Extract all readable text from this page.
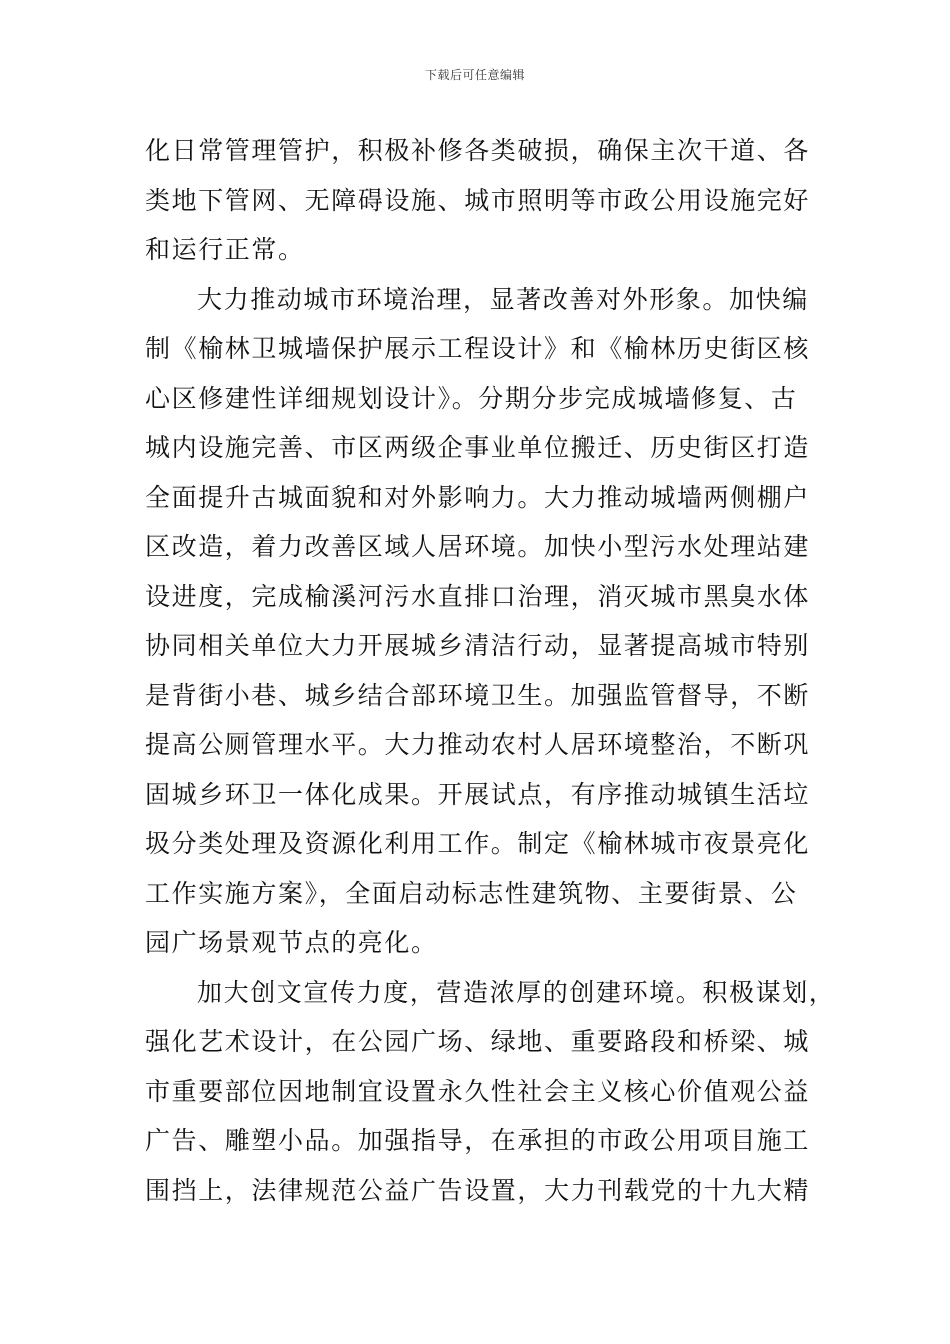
下载后可任意编辑
化日常管理管护，积极补修各类破损，确保主次干道、各
类地下管网、无障碍设施、城市照明等市政公用设施完好
和运行正常。
大力推动城市环境治理，显著改善对外形象。加快编
制《榆林卫城墙保护展示工程设计》和《榆林历史街区核
心区修建性详细规划设计》。分期分步完成城墙修复、古
城内设施完善、市区两级企事业单位搬迁、历史街区打造
全面提升古城面貌和对外影响力。大力推动城墙两侧棚户
区改造，着力改善区域人居环境。加快小型污水处理站建
设进度，完成榆溪河污水直排口治理，消灭城市黑臭水体
协同相关单位大力开展城乡清洁行动，显著提高城市特别
是背街小巷、城乡结合部环境卫生。加强监管督导，不断
提高公厕管理水平。大力推动农村人居环境整治，不断巩
固城乡环卫一体化成果。开展试点，有序推动城镇生活垃
圾分类处理及资源化利用工作。制定《榆林城市夜景亮化
工作实施方案》，全面启动标志性建筑物、主要街景、公
园广场景观节点的亮化。
加大创文宣传力度，营造浓厚的创建环境。积极谋划，
强化艺术设计，在公园广场、绿地、重要路段和桥梁、城
市重要部位因地制宜设置永久性社会主义核心价值观公益
广告、雕塑小品。加强指导，在承担的市政公用项目施工
围挡上，法律规范公益广告设置，大力刊载党的十九大精
